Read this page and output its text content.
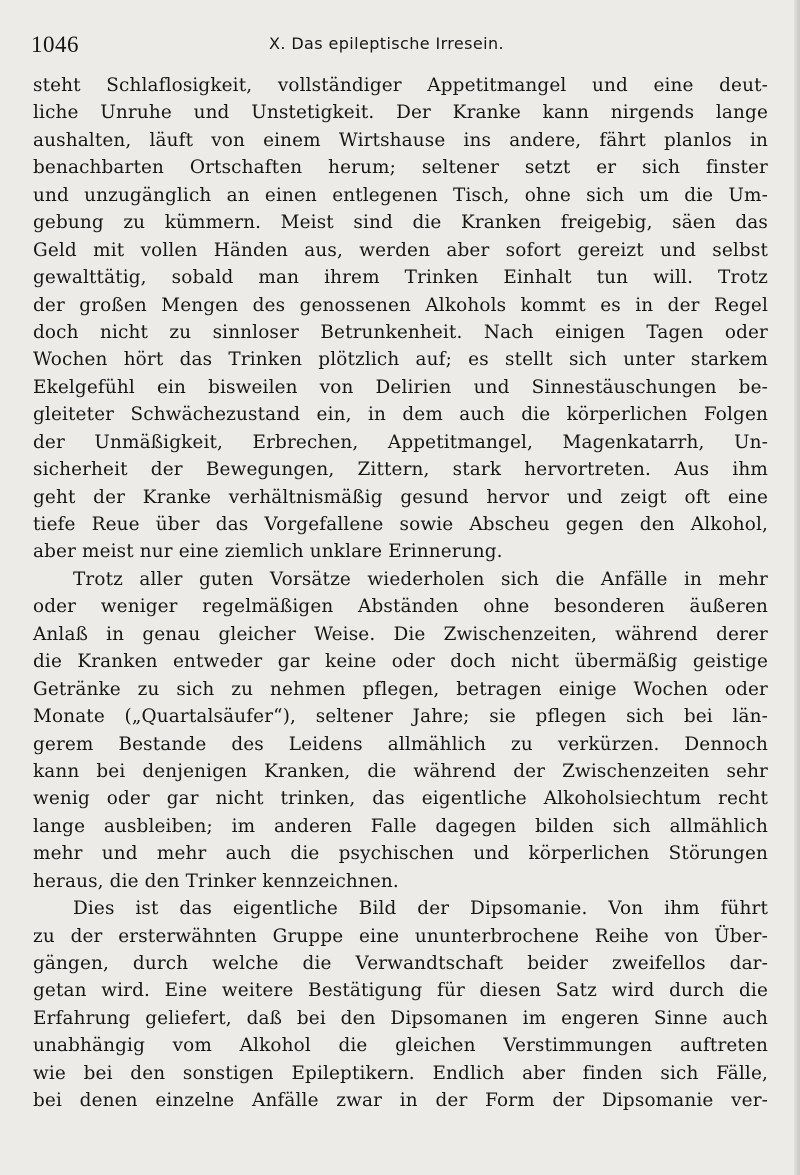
1046	X. Das epileptische Irresein.
steht Schlaflosigkeit, vollständiger Appetitmangel und eine deut-
liche Unruhe und Unstetigkeit. Der Kranke kann nirgends lange
aushalten, läuft von einem Wirtshause ins andere, fährt planlos in
benachbarten Ortschaften herum; seltener setzt er sich finster
und unzugänglich an einen entlegenen Tisch, ohne sich um die Um-
gebung zu kümmern. Meist sind die Kranken freigebig, säen das
Geld mit vollen Händen aus, werden aber sofort gereizt und selbst
gewalttätig, sobald man ihrem Trinken Einhalt tun will. Trotz
der großen Mengen des genossenen Alkohols kommt es in der Regel
doch nicht zu sinnloser Betrunkenheit. Nach einigen Tagen oder
Wochen hört das Trinken plötzlich auf; es stellt sich unter starkem
Ekelgefühl ein bisweilen von Delirien und Sinnestäuschungen be-
gleiteter Schwächezustand ein, in dem auch die körperlichen Folgen
der Unmäßigkeit, Erbrechen, Appetitmangel, Magenkatarrh, Un-
sicherheit der Bewegungen, Zittern, stark hervortreten. Aus ihm
geht der Kranke verhältnismäßig gesund hervor und zeigt oft eine
tiefe Reue über das Vorgefallene sowie Abscheu gegen den Alkohol,
aber meist nur eine ziemlich unklare Erinnerung.
Trotz aller guten Vorsätze wiederholen sich die Anfälle in mehr
oder weniger regelmäßigen Abständen ohne besonderen äußeren
Anlaß in genau gleicher Weise. Die Zwischenzeiten, während derer
die Kranken entweder gar keine oder doch nicht übermäßig geistige
Getränke zu sich zu nehmen pflegen, betragen einige Wochen oder
Monate („Quartalsäufer“), seltener Jahre; sie pflegen sich bei län-
gerem Bestande des Leidens allmählich zu verkürzen. Dennoch
kann bei denjenigen Kranken, die während der Zwischenzeiten sehr
wenig oder gar nicht trinken, das eigentliche Alkoholsiechtum recht
lange ausbleiben; im anderen Falle dagegen bilden sich allmählich
mehr und mehr auch die psychischen und körperlichen Störungen
heraus, die den Trinker kennzeichnen.
Dies ist das eigentliche Bild der Dipsomanie. Von ihm führt
zu der ersterwähnten Gruppe eine ununterbrochene Reihe von Über-
gängen, durch welche die Verwandtschaft beider zweifellos dar-
getan wird. Eine weitere Bestätigung für diesen Satz wird durch die
Erfahrung geliefert, daß bei den Dipsomanen im engeren Sinne auch
unabhängig vom Alkohol die gleichen Verstimmungen auftreten
wie bei den sonstigen Epileptikern. Endlich aber finden sich Fälle,
bei denen einzelne Anfälle zwar in der Form der Dipsomanie ver-
